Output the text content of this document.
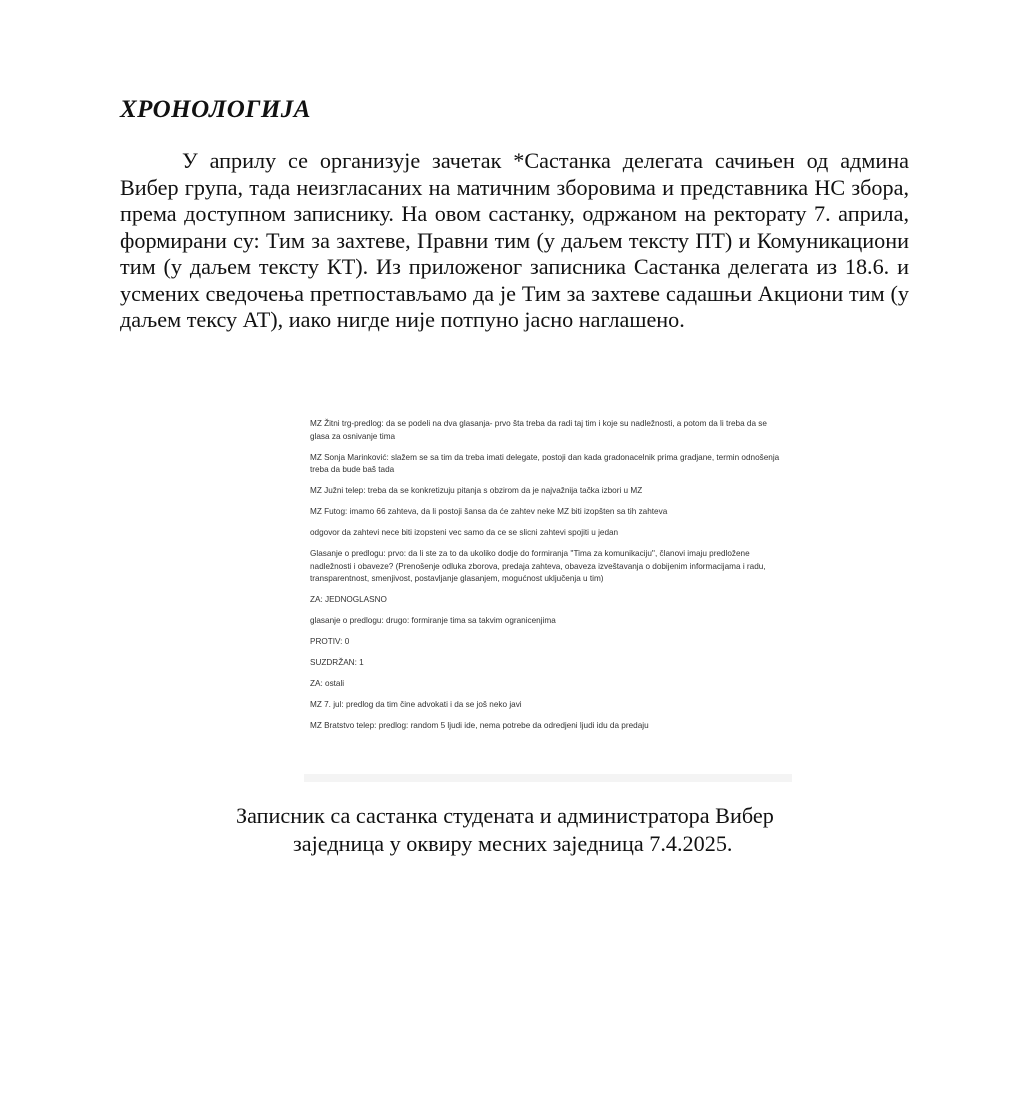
ХРОНОЛОГИЈА

У априлу се организује зачетак *Састанка делегата сачињен од админа Вибер група, тада неизгласаних на матичним зборовима и представника НС збора, према доступном записнику. На овом састанку, одржаном на ректорату 7. априла, формирани су: Тим за захтеве, Правни тим (у даљем тексту ПТ) и Комуникациони тим (у даљем тексту КТ). Из приложеног записника Састанка делегата из 18.6. и усмених сведочења претпостављамо да је Тим за захтеве садашњи Акциони тим (у даљем тексу АТ), иако нигде није потпуно јасно наглашено.

MZ Žitni trg-predlog: da se podeli na dva glasanja- prvo šta treba da radi taj tim i koje su nadležnosti, a potom da li treba da se glasa za osnivanje tima

MZ Sonja Marinković: slažem se sa tim da treba imati delegate, postoji dan kada gradonacelnik prima gradjane, termin odnošenja treba da bude baš tada

MZ Južni telep: treba da se konkretizuju pitanja s obzirom da je najvažnija tačka izbori u MZ

MZ Futog: imamo 66 zahteva, da li postoji šansa da će zahtev neke MZ biti izopšten sa tih zahteva

odgovor da zahtevi nece biti izopsteni vec samo da ce se slicni zahtevi spojiti u jedan

Glasanje o predlogu: prvo: da li ste za to da ukoliko dodje do formiranja ''Tima za komunikaciju'', članovi imaju predložene nadležnosti i obaveze? (Prenošenje odluka zborova, predaja zahteva, obaveza izveštavanja o dobijenim informacijama i radu, transparentnost, smenjivost, postavljanje glasanjem, mogućnost uključenja u tim)

ZA: JEDNOGLASNO

glasanje o predlogu: drugo: formiranje tima sa takvim ogranicenjima

PROTIV: 0

SUZDRŽAN: 1

ZA: ostali

MZ 7. jul: predlog da tim čine advokati i da se još neko javi

MZ Bratstvo telep: predlog: random 5 ljudi ide, nema potrebe da odredjeni ljudi idu da predaju

Записник са састанка студената и администратора Вибер
заједница у оквиру месних заједница 7.4.2025.
